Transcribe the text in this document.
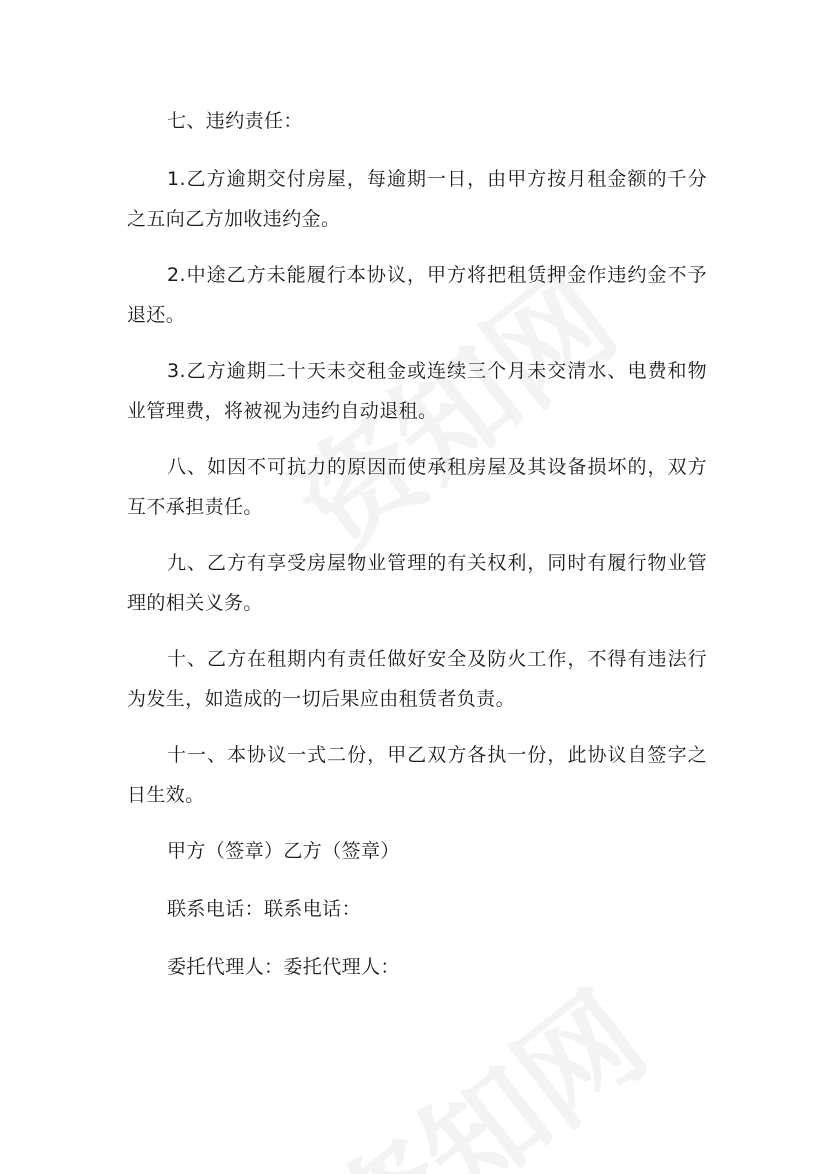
七、违约责任：

1.乙方逾期交付房屋，每逾期一日，由甲方按月租金额的千分之五向乙方加收违约金。

2.中途乙方未能履行本协议，甲方将把租赁押金作违约金不予退还。

3.乙方逾期二十天未交租金或连续三个月未交清水、电费和物业管理费，将被视为违约自动退租。

八、如因不可抗力的原因而使承租房屋及其设备损坏的，双方互不承担责任。

九、乙方有享受房屋物业管理的有关权利，同时有履行物业管理的相关义务。

十、乙方在租期内有责任做好安全及防火工作，不得有违法行为发生，如造成的一切后果应由租赁者负责。

十一、本协议一式二份，甲乙双方各执一份，此协议自签字之日生效。

甲方（签章）乙方（签章）

联系电话：联系电话：

委托代理人：委托代理人：
